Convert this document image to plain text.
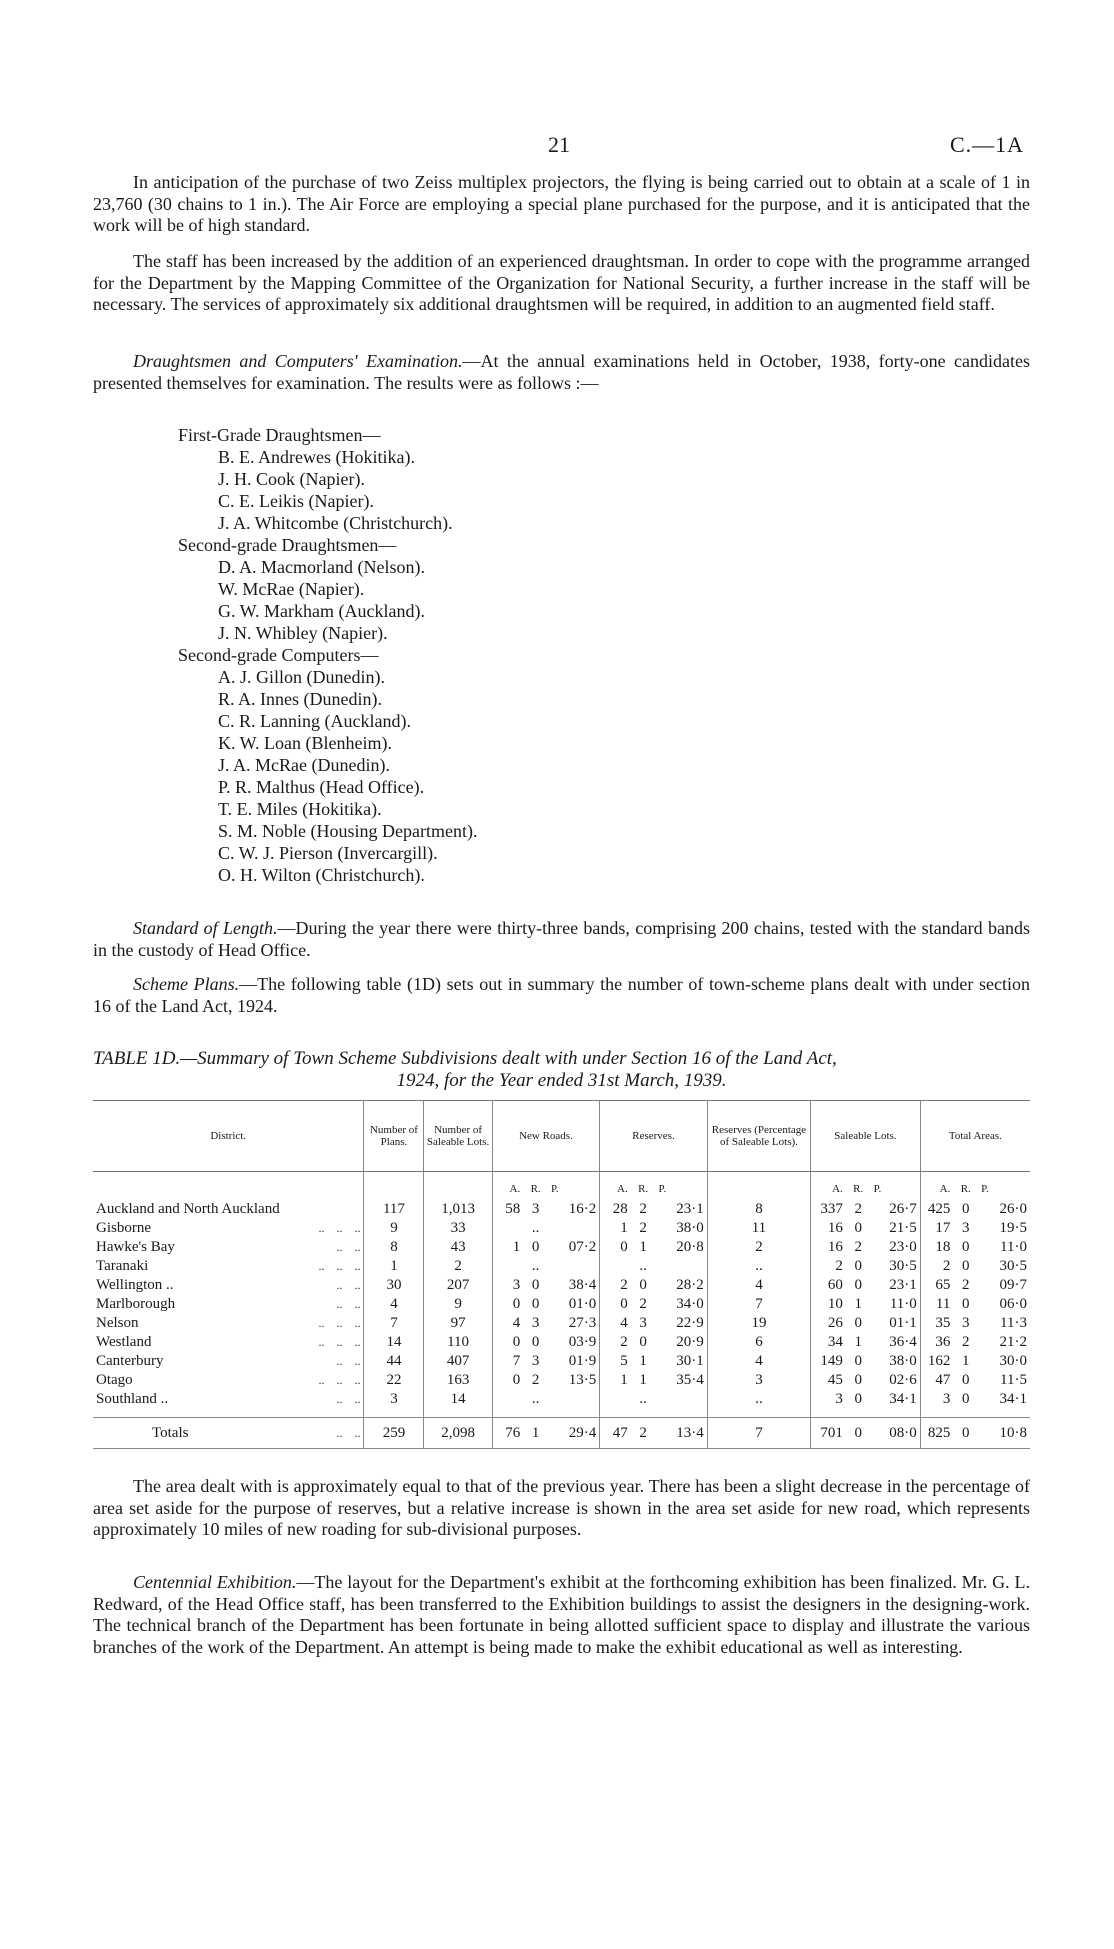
21	C.—1A

In anticipation of the purchase of two Zeiss multiplex projectors, the flying is being carried out to obtain at a scale of 1 in 23,760 (30 chains to 1 in.). The Air Force are employing a special plane purchased for the purpose, and it is anticipated that the work will be of high standard.

The staff has been increased by the addition of an experienced draughtsman. In order to cope with the programme arranged for the Department by the Mapping Committee of the Organization for National Security, a further increase in the staff will be necessary. The services of approximately six additional draughtsmen will be required, in addition to an augmented field staff.

Draughtsmen and Computers' Examination.—At the annual examinations held in October, 1938, forty-one candidates presented themselves for examination. The results were as follows :—

First-Grade Draughtsmen—
B. E. Andrewes (Hokitika).
J. H. Cook (Napier).
C. E. Leikis (Napier).
J. A. Whitcombe (Christchurch).
Second-grade Draughtsmen—
D. A. Macmorland (Nelson).
W. McRae (Napier).
G. W. Markham (Auckland).
J. N. Whibley (Napier).
Second-grade Computers—
A. J. Gillon (Dunedin).
R. A. Innes (Dunedin).
C. R. Lanning (Auckland).
K. W. Loan (Blenheim).
J. A. McRae (Dunedin).
P. R. Malthus (Head Office).
T. E. Miles (Hokitika).
S. M. Noble (Housing Department).
C. W. J. Pierson (Invercargill).
O. H. Wilton (Christchurch).

Standard of Length.—During the year there were thirty-three bands, comprising 200 chains, tested with the standard bands in the custody of Head Office.

Scheme Plans.—The following table (1D) sets out in summary the number of town-scheme plans dealt with under section 16 of the Land Act, 1924.

TABLE 1D.—Summary of Town Scheme Subdivisions dealt with under Section 16 of the Land Act,
1924, for the Year ended 31st March, 1939.
District.	Number of Plans.	Number of Saleable Lots.	New Roads.			Reserves.			Reserves (Percentage of Saleable Lots).	Saleable Lots.			Total Areas.		
			A.	R.	P.	A.	R.	P.		A.	R.	P.	A.	R.	P.
Auckland and North Auckland	117	1,013	58	3	16·2	28	2	23·1	8	337	2	26·7	425	0	26·0
Gisborne ..    ..    ..	9	33		..		1	2	38·0	11	16	0	21·5	17	3	19·5
Hawke's Bay ..    ..	8	43	1	0	07·2	0	1	20·8	2	16	2	23·0	18	0	11·0
Taranaki ..    ..    ..	1	2		..			..		..	2	0	30·5	2	0	30·5
Wellington .. ..    ..	30	207	3	0	38·4	2	0	28·2	4	60	0	23·1	65	2	09·7
Marlborough ..    ..	4	9	0	0	01·0	0	2	34·0	7	10	1	11·0	11	0	06·0
Nelson ..    ..    ..	7	97	4	3	27·3	4	3	22·9	19	26	0	01·1	35	3	11·3
Westland ..    ..    ..	14	110	0	0	03·9	2	0	20·9	6	34	1	36·4	36	2	21·2
Canterbury ..    ..	44	407	7	3	01·9	5	1	30·1	4	149	0	38·0	162	1	30·0
Otago ..    ..    ..	22	163	0	2	13·5	1	1	35·4	3	45	0	02·6	47	0	11·5
Southland .. ..    ..	3	14		..			..		..	3	0	34·1	3	0	34·1

Totals ..    ..	259	2,098	76	1	29·4	47	2	13·4	7	701	0	08·0	825	0	10·8

The area dealt with is approximately equal to that of the previous year. There has been a slight decrease in the percentage of area set aside for the purpose of reserves, but a relative increase is shown in the area set aside for new road, which represents approximately 10 miles of new roading for sub-divisional purposes.

Centennial Exhibition.—The layout for the Department's exhibit at the forthcoming exhibition has been finalized. Mr. G. L. Redward, of the Head Office staff, has been transferred to the Exhibition buildings to assist the designers in the designing-work. The technical branch of the Department has been fortunate in being allotted sufficient space to display and illustrate the various branches of the work of the Department. An attempt is being made to make the exhibit educational as well as interesting.
